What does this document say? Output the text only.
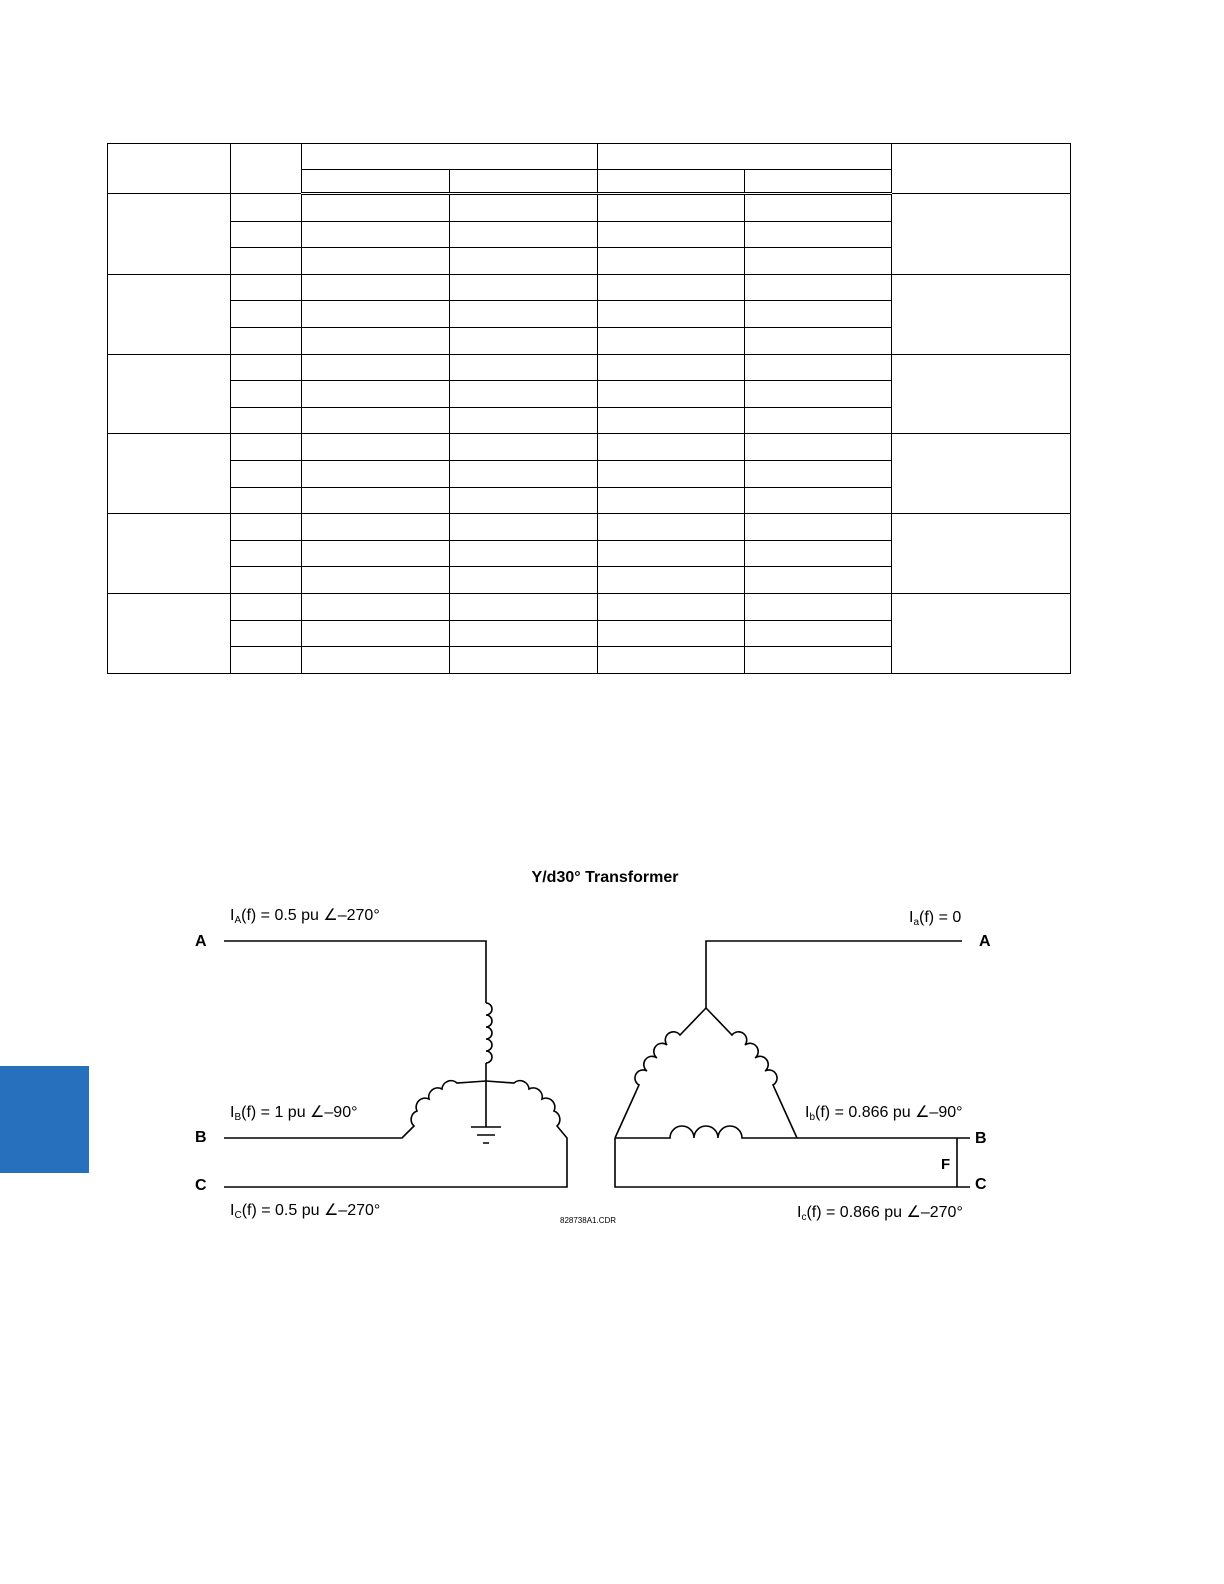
Y/d30° Transformer
A
B
C
A
B
C
F
IA(f) = 0.5 pu ∠–270°
IB(f) = 1 pu ∠–90°
IC(f) = 0.5 pu ∠–270°
Ia(f) = 0
Ib(f) = 0.866 pu ∠–90°
Ic(f) = 0.866 pu ∠–270°
828738A1.CDR
